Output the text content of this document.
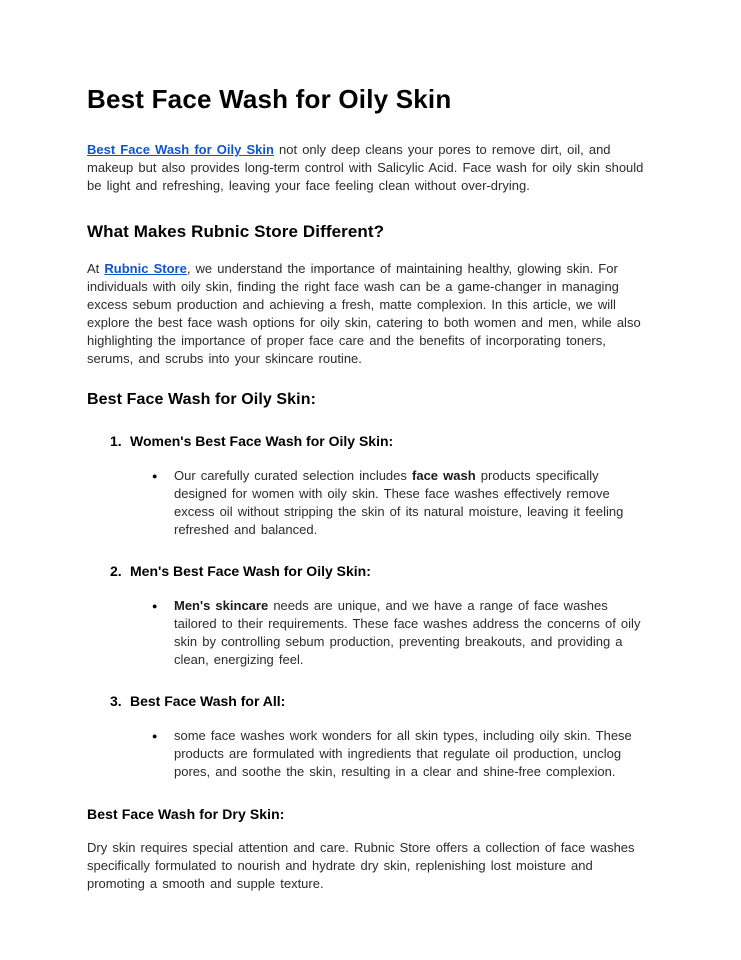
Best Face Wash for Oily Skin

Best Face Wash for Oily Skin not only deep cleans your pores to remove dirt, oil, and makeup but also provides long-term control with Salicylic Acid. Face wash for oily skin should be light and refreshing, leaving your face feeling clean without over-drying.

What Makes Rubnic Store Different?

At Rubnic Store, we understand the importance of maintaining healthy, glowing skin. For individuals with oily skin, finding the right face wash can be a game-changer in managing excess sebum production and achieving a fresh, matte complexion. In this article, we will explore the best face wash options for oily skin, catering to both women and men, while also highlighting the importance of proper face care and the benefits of incorporating toners, serums, and scrubs into your skincare routine.

Best Face Wash for Oily Skin:
1. Women's Best Face Wash for Oily Skin:
●	Our carefully curated selection includes face wash products specifically designed for women with oily skin. These face washes effectively remove excess oil without stripping the skin of its natural moisture, leaving it feeling refreshed and balanced.

2. Men's Best Face Wash for Oily Skin:
●	Men's skincare needs are unique, and we have a range of face washes tailored to their requirements. These face washes address the concerns of oily skin by controlling sebum production, preventing breakouts, and providing a clean, energizing feel.

3. Best Face Wash for All:
●	some face washes work wonders for all skin types, including oily skin. These products are formulated with ingredients that regulate oil production, unclog pores, and soothe the skin, resulting in a clear and shine-free complexion.

Best Face Wash for Dry Skin:

Dry skin requires special attention and care. Rubnic Store offers a collection of face washes specifically formulated to nourish and hydrate dry skin, replenishing lost moisture and promoting a smooth and supple texture.
